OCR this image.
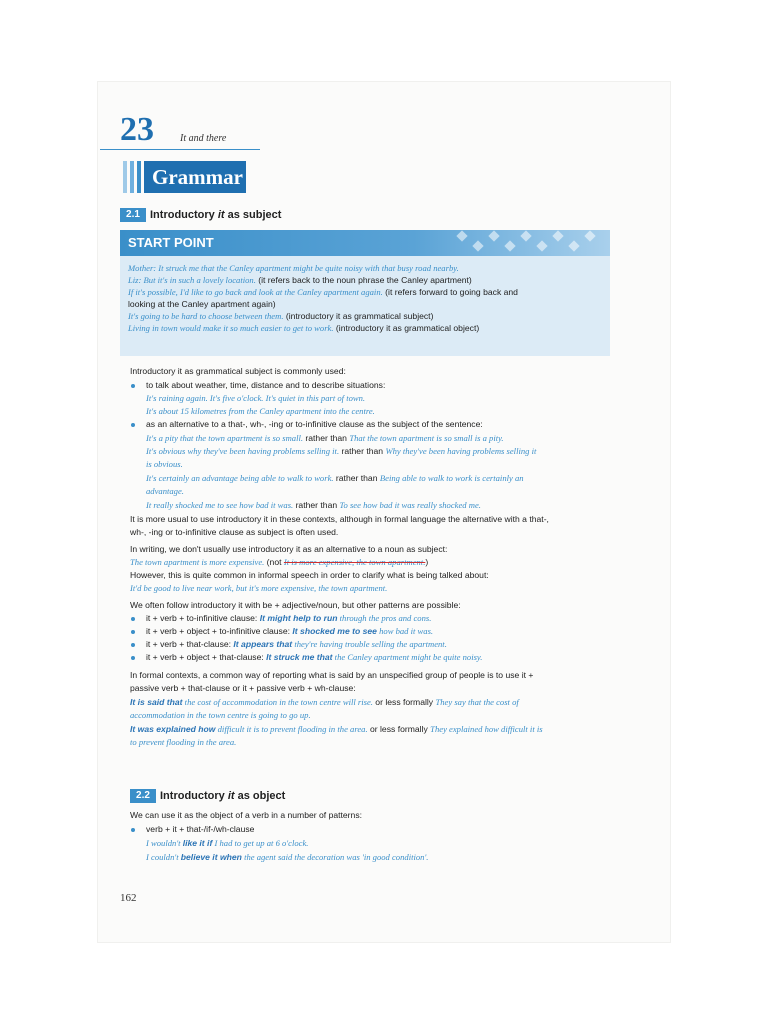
23	It and there
Grammar
2.1 Introductory it as subject
START POINT
Mother: It struck me that the Canley apartment might be quite noisy with that busy road nearby.
Liz: But it's in such a lovely location. (it refers back to the noun phrase the Canley apartment)
If it's possible, I'd like to go back and look at the Canley apartment again. (it refers forward to going back and
looking at the Canley apartment again)
It's going to be hard to choose between them. (introductory it as grammatical subject)
Living in town would make it so much easier to get to work. (introductory it as grammatical object)
Introductory it as grammatical subject is commonly used:
to talk about weather, time, distance and to describe situations:
It's raining again. It's five o'clock. It's quiet in this part of town.
It's about 15 kilometres from the Canley apartment into the centre.
as an alternative to a that-, wh-, -ing or to-infinitive clause as the subject of the sentence:
It's a pity that the town apartment is so small. rather than That the town apartment is so small is a pity.
It's obvious why they've been having problems selling it. rather than Why they've been having problems selling it
is obvious.
It's certainly an advantage being able to walk to work. rather than Being able to walk to work is certainly an
advantage.
It really shocked me to see how bad it was. rather than To see how bad it was really shocked me.
It is more usual to use introductory it in these contexts, although in formal language the alternative with a that-,
wh-, -ing or to-infinitive clause as subject is often used.
In writing, we don't usually use introductory it as an alternative to a noun as subject:
The town apartment is more expensive. (not It is more expensive, the town apartment.)
However, this is quite common in informal speech in order to clarify what is being talked about:
It'd be good to live near work, but it's more expensive, the town apartment.
We often follow introductory it with be + adjective/noun, but other patterns are possible:
it + verb + to-infinitive clause: It might help to run through the pros and cons.
it + verb + object + to-infinitive clause: It shocked me to see how bad it was.
it + verb + that-clause: It appears that they're having trouble selling the apartment.
it + verb + object + that-clause: It struck me that the Canley apartment might be quite noisy.
In formal contexts, a common way of reporting what is said by an unspecified group of people is to use it +
passive verb + that-clause or it + passive verb + wh-clause:
It is said that the cost of accommodation in the town centre will rise. or less formally They say that the cost of
accommodation in the town centre is going to go up.
It was explained how difficult it is to prevent flooding in the area. or less formally They explained how difficult it is
to prevent flooding in the area.
2.2 Introductory it as object
We can use it as the object of a verb in a number of patterns:
verb + it + that-/if-/wh-clause
I wouldn't like it if I had to get up at 6 o'clock.
I couldn't believe it when the agent said the decoration was 'in good condition'.
162
